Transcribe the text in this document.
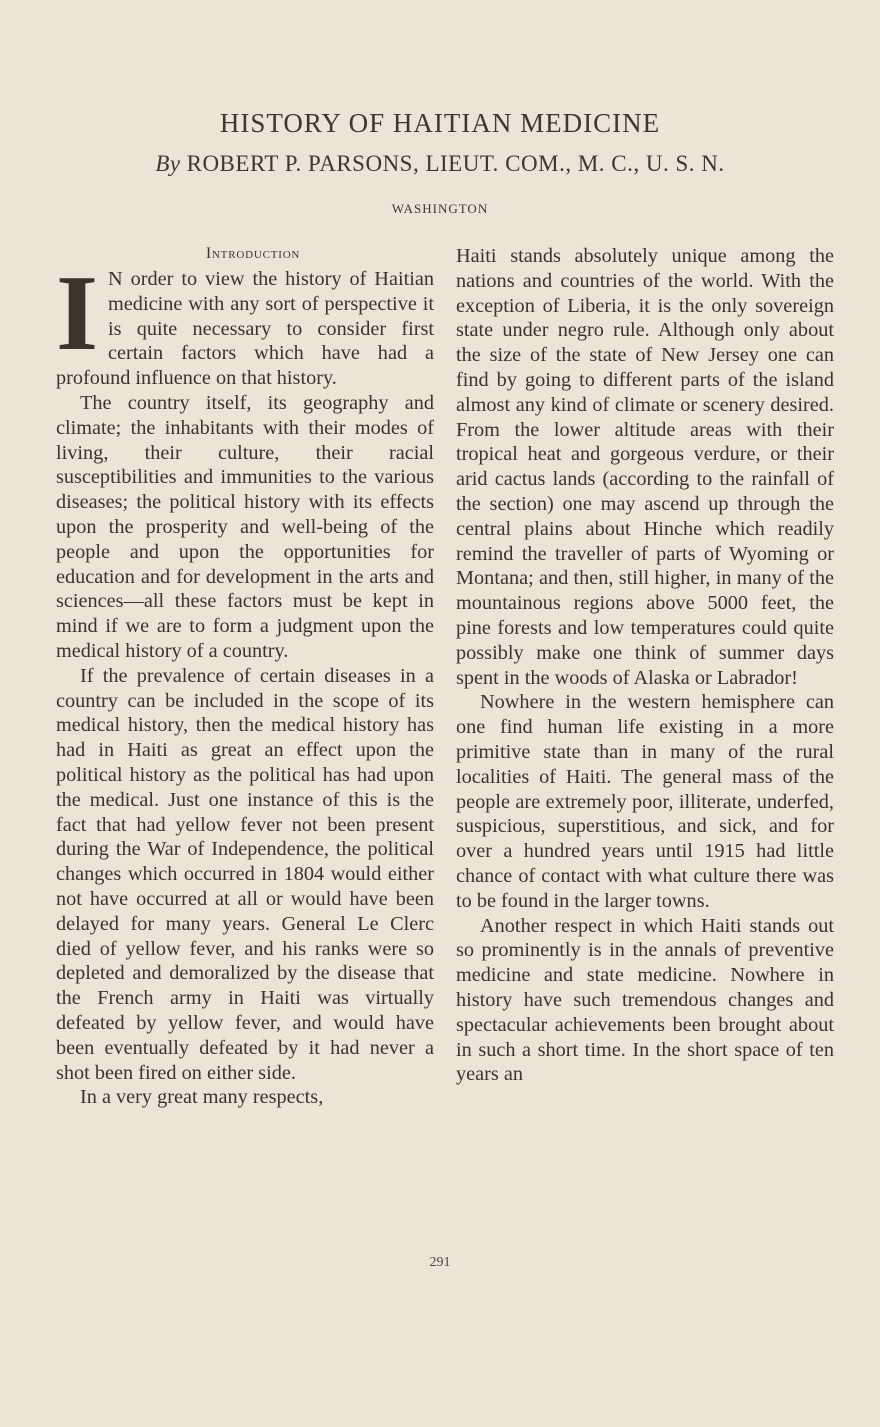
HISTORY OF HAITIAN MEDICINE
By ROBERT P. PARSONS, LIEUT. COM., M. C., U. S. N.
WASHINGTON
Introduction

I N order to view the history of Haitian medicine with any sort of perspective it is quite necessary to consider first certain factors which have had a profound influence on that history.

The country itself, its geography and climate; the inhabitants with their modes of living, their culture, their racial susceptibilities and immunities to the various diseases; the political history with its effects upon the prosperity and well-being of the people and upon the opportunities for education and for development in the arts and sciences—all these factors must be kept in mind if we are to form a judgment upon the medical history of a country.

If the prevalence of certain diseases in a country can be included in the scope of its medical history, then the medical history has had in Haiti as great an effect upon the political history as the political has had upon the medical. Just one instance of this is the fact that had yellow fever not been present during the War of Independence, the political changes which occurred in 1804 would either not have occurred at all or would have been delayed for many years. General Le Clerc died of yellow fever, and his ranks were so depleted and demoralized by the disease that the French army in Haiti was virtually defeated by yellow fever, and would have been eventually defeated by it had never a shot been fired on either side.

In a very great many respects,

Haiti stands absolutely unique among the nations and countries of the world. With the exception of Liberia, it is the only sovereign state under negro rule. Although only about the size of the state of New Jersey one can find by going to different parts of the island almost any kind of climate or scenery desired. From the lower altitude areas with their tropical heat and gorgeous verdure, or their arid cactus lands (according to the rainfall of the section) one may ascend up through the central plains about Hinche which readily remind the traveller of parts of Wyoming or Montana; and then, still higher, in many of the mountainous regions above 5000 feet, the pine forests and low temperatures could quite possibly make one think of summer days spent in the woods of Alaska or Labrador!

Nowhere in the western hemisphere can one find human life existing in a more primitive state than in many of the rural localities of Haiti. The general mass of the people are extremely poor, illiterate, underfed, suspicious, superstitious, and sick, and for over a hundred years until 1915 had little chance of contact with what culture there was to be found in the larger towns.

Another respect in which Haiti stands out so prominently is in the annals of preventive medicine and state medicine. Nowhere in history have such tremendous changes and spectacular achievements been brought about in such a short time. In the short space of ten years an

291
